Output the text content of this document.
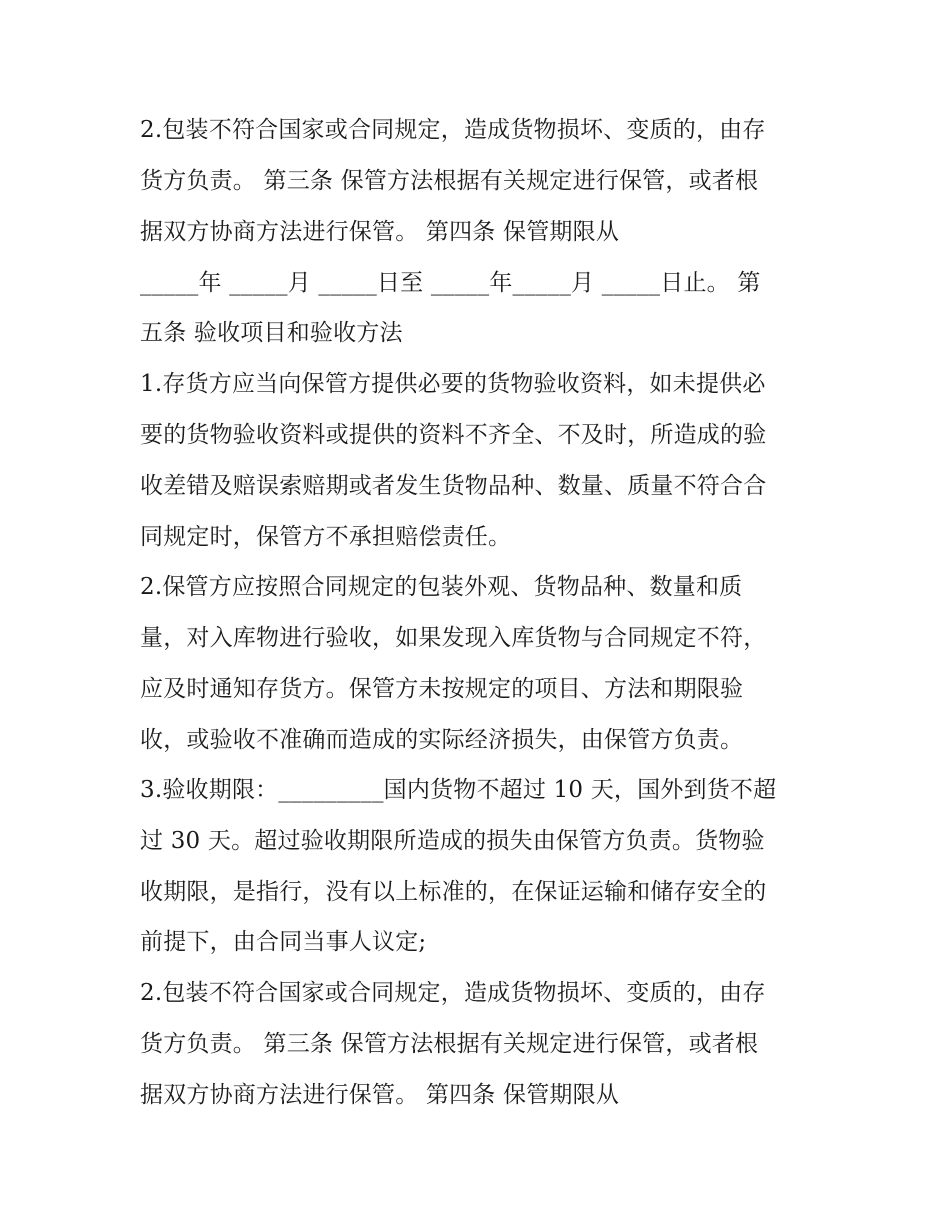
2.包装不符合国家或合同规定，造成货物损坏、变质的，由存
货方负责。 第三条 保管方法根据有关规定进行保管，或者根
据双方协商方法进行保管。 第四条 保管期限从
_____年 _____月 _____日至 _____年_____月 _____日止。 第
五条 验收项目和验收方法
1.存货方应当向保管方提供必要的货物验收资料，如未提供必
要的货物验收资料或提供的资料不齐全、不及时，所造成的验
收差错及赔误索赔期或者发生货物品种、数量、质量不符合合
同规定时，保管方不承担赔偿责任。
2.保管方应按照合同规定的包装外观、货物品种、数量和质
量，对入库物进行验收，如果发现入库货物与合同规定不符，
应及时通知存货方。保管方未按规定的项目、方法和期限验
收，或验收不准确而造成的实际经济损失，由保管方负责。
3.验收期限：_________国内货物不超过 10 天，国外到货不超
过 30 天。超过验收期限所造成的损失由保管方负责。货物验
收期限，是指行，没有以上标准的，在保证运输和储存安全的
前提下，由合同当事人议定;
2.包装不符合国家或合同规定，造成货物损坏、变质的，由存
货方负责。 第三条 保管方法根据有关规定进行保管，或者根
据双方协商方法进行保管。 第四条 保管期限从
